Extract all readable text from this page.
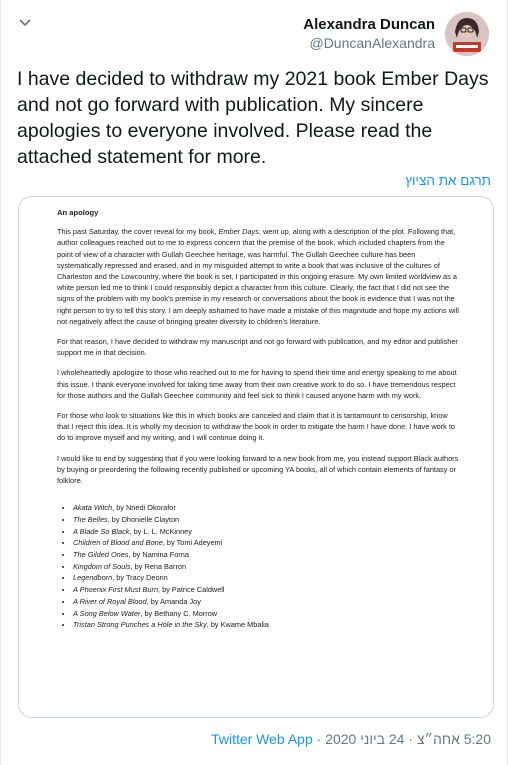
Alexandra Duncan
@DuncanAlexandra
I have decided to withdraw my 2021 book Ember Days and not go forward with publication. My sincere apologies to everyone involved. Please read the attached statement for more.
תרגם את הציוץ
An apology

This past Saturday, the cover reveal for my book, Ember Days, went up, along with a description of the plot. Following that, author colleagues reached out to me to express concern that the premise of the book, which included chapters from the point of view of a character with Gullah Geechee heritage, was harmful. The Gullah Geechee culture has been systematically repressed and erased, and in my misguided attempt to write a book that was inclusive of the cultures of Charleston and the Lowcountry, where the book is set, I participated in this ongoing erasure. My own limited worldview as a white person led me to think I could responsibly depict a character from this culture. Clearly, the fact that I did not see the signs of the problem with my book's premise in my research or conversations about the book is evidence that I was not the right person to try to tell this story. I am deeply ashamed to have made a mistake of this magnitude and hope my actions will not negatively affect the cause of bringing greater diversity to children's literature.

For that reason, I have decided to withdraw my manuscript and not go forward with publication, and my editor and publisher support me in that decision.

I wholeheartedly apologize to those who reached out to me for having to spend their time and energy speaking to me about this issue. I thank everyone involved for taking time away from their own creative work to do so. I have tremendous respect for those authors and the Gullah Geechee community and feel sick to think I caused anyone harm with my work.

For those who look to situations like this in which books are canceled and claim that it is tantamount to censorship, know that I reject this idea. It is wholly my decision to withdraw the book in order to mitigate the harm I have done. I have work to do to improve myself and my writing, and I will continue doing it.

I would like to end by suggesting that if you were looking forward to a new book from me, you instead support Black authors by buying or preordering the following recently published or upcoming YA books, all of which contain elements of fantasy or folklore.

• Akata Witch, by Nnedi Okorafor
• The Belles, by Dhonielle Clayton
• A Blade So Black, by L. L. McKinney
• Children of Blood and Bone, by Tomi Adeyemi
• The Gilded Ones, by Namina Forna
• Kingdom of Souls, by Rena Barron
• Legendborn, by Tracy Deonn
• A Phoenix First Must Burn, by Patrice Caldwell
• A River of Royal Blood, by Amanda Joy
• A Song Below Water, by Bethany C. Morrow
• Tristan Strong Punches a Hole in the Sky, by Kwame Mbalia
5:20 אחה״צ · 24 ביוני 2020 · Twitter Web App
